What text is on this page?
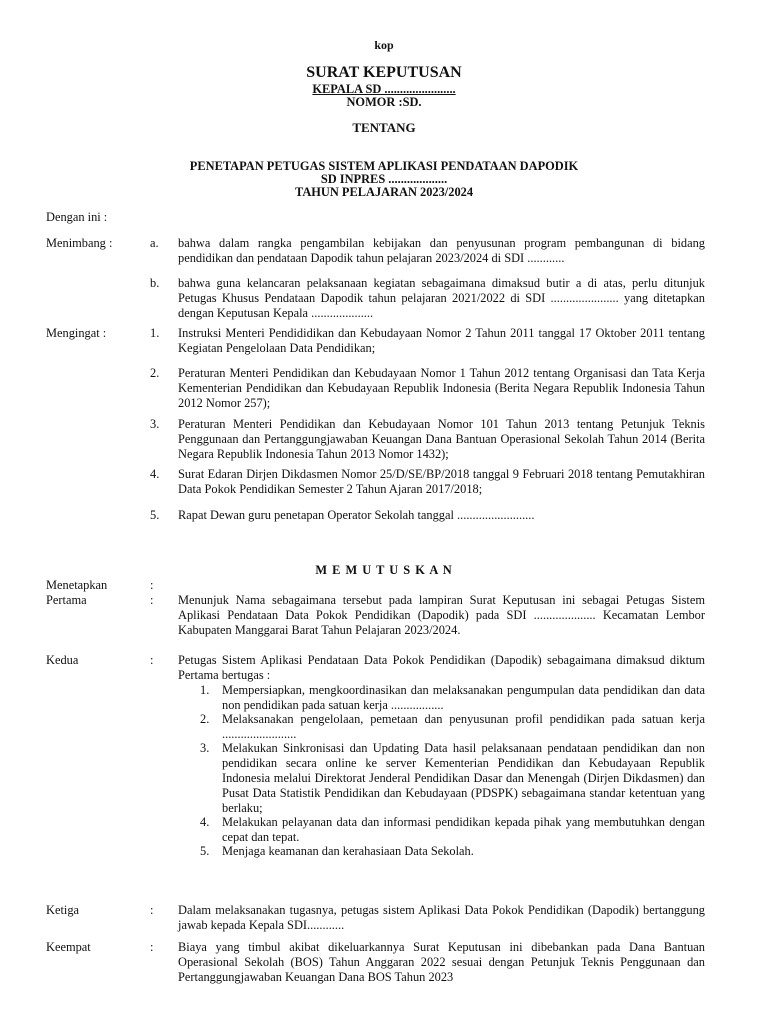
kop
SURAT KEPUTUSAN
KEPALA SD .......................
NOMOR :SD.
TENTANG
PENETAPAN PETUGAS SISTEM APLIKASI PENDATAAN DAPODIK
SD INPRES ...................
TAHUN PELAJARAN 2023/2024
Dengan ini :
Menimbang :	a. bahwa dalam rangka pengambilan kebijakan dan penyusunan program pembangunan di bidang pendidikan dan pendataan Dapodik tahun pelajaran 2023/2024 di SDI ............
b. bahwa guna kelancaran pelaksanaan kegiatan sebagaimana dimaksud butir a di atas, perlu ditunjuk Petugas Khusus Pendataan Dapodik tahun pelajaran 2021/2022 di SDI ...................... yang ditetapkan dengan Keputusan Kepala ....................
Mengingat :	1. Instruksi Menteri Pendididikan dan Kebudayaan Nomor 2 Tahun 2011 tanggal 17 Oktober 2011 tentang Kegiatan Pengelolaan Data Pendidikan;
2. Peraturan Menteri Pendidikan dan Kebudayaan Nomor 1 Tahun 2012 tentang Organisasi dan Tata Kerja Kementerian Pendidikan dan Kebudayaan Republik Indonesia (Berita Negara Republik Indonesia Tahun 2012 Nomor 257);
3. Peraturan Menteri Pendidikan dan Kebudayaan Nomor 101 Tahun 2013 tentang Petunjuk Teknis Penggunaan dan Pertanggungjawaban Keuangan Dana Bantuan Operasional Sekolah Tahun 2014 (Berita Negara Republik Indonesia Tahun 2013 Nomor 1432);
4. Surat Edaran Dirjen Dikdasmen Nomor 25/D/SE/BP/2018 tanggal 9 Februari 2018 tentang Pemutakhiran Data Pokok Pendidikan Semester 2 Tahun Ajaran 2017/2018;
5. Rapat Dewan guru penetapan Operator Sekolah tanggal .........................
M E M U T U S K A N
Menetapkan	:
Pertama	: Menunjuk Nama sebagaimana tersebut pada lampiran Surat Keputusan ini sebagai Petugas Sistem Aplikasi Pendataan Data Pokok Pendidikan (Dapodik) pada SDI .................... Kecamatan Lembor Kabupaten Manggarai Barat Tahun Pelajaran 2023/2024.
Kedua	: Petugas Sistem Aplikasi Pendataan Data Pokok Pendidikan (Dapodik) sebagaimana dimaksud diktum Pertama bertugas :
1. Mempersiapkan, mengkoordinasikan dan melaksanakan pengumpulan data pendidikan dan data non pendidikan pada satuan kerja .................
2. Melaksanakan pengelolaan, pemetaan dan penyusunan profil pendidikan pada satuan kerja ........................
3. Melakukan Sinkronisasi dan Updating Data hasil pelaksanaan pendataan pendidikan dan non pendidikan secara online ke server Kementerian Pendidikan dan Kebudayaan Republik Indonesia melalui Direktorat Jenderal Pendidikan Dasar dan Menengah (Dirjen Dikdasmen) dan Pusat Data Statistik Pendidikan dan Kebudayaan (PDSPK) sebagaimana standar ketentuan yang berlaku;
4. Melakukan pelayanan data dan informasi pendidikan kepada pihak yang membutuhkan dengan cepat dan tepat.
5. Menjaga keamanan dan kerahasiaan Data Sekolah.
Ketiga	: Dalam melaksanakan tugasnya, petugas sistem Aplikasi Data Pokok Pendidikan (Dapodik) bertanggung jawab kepada Kepala SDI............
Keempat	: Biaya yang timbul akibat dikeluarkannya Surat Keputusan ini dibebankan pada Dana Bantuan Operasional Sekolah (BOS) Tahun Anggaran 2022 sesuai dengan Petunjuk Teknis Penggunaan dan Pertanggungjawaban Keuangan Dana BOS Tahun 2023
